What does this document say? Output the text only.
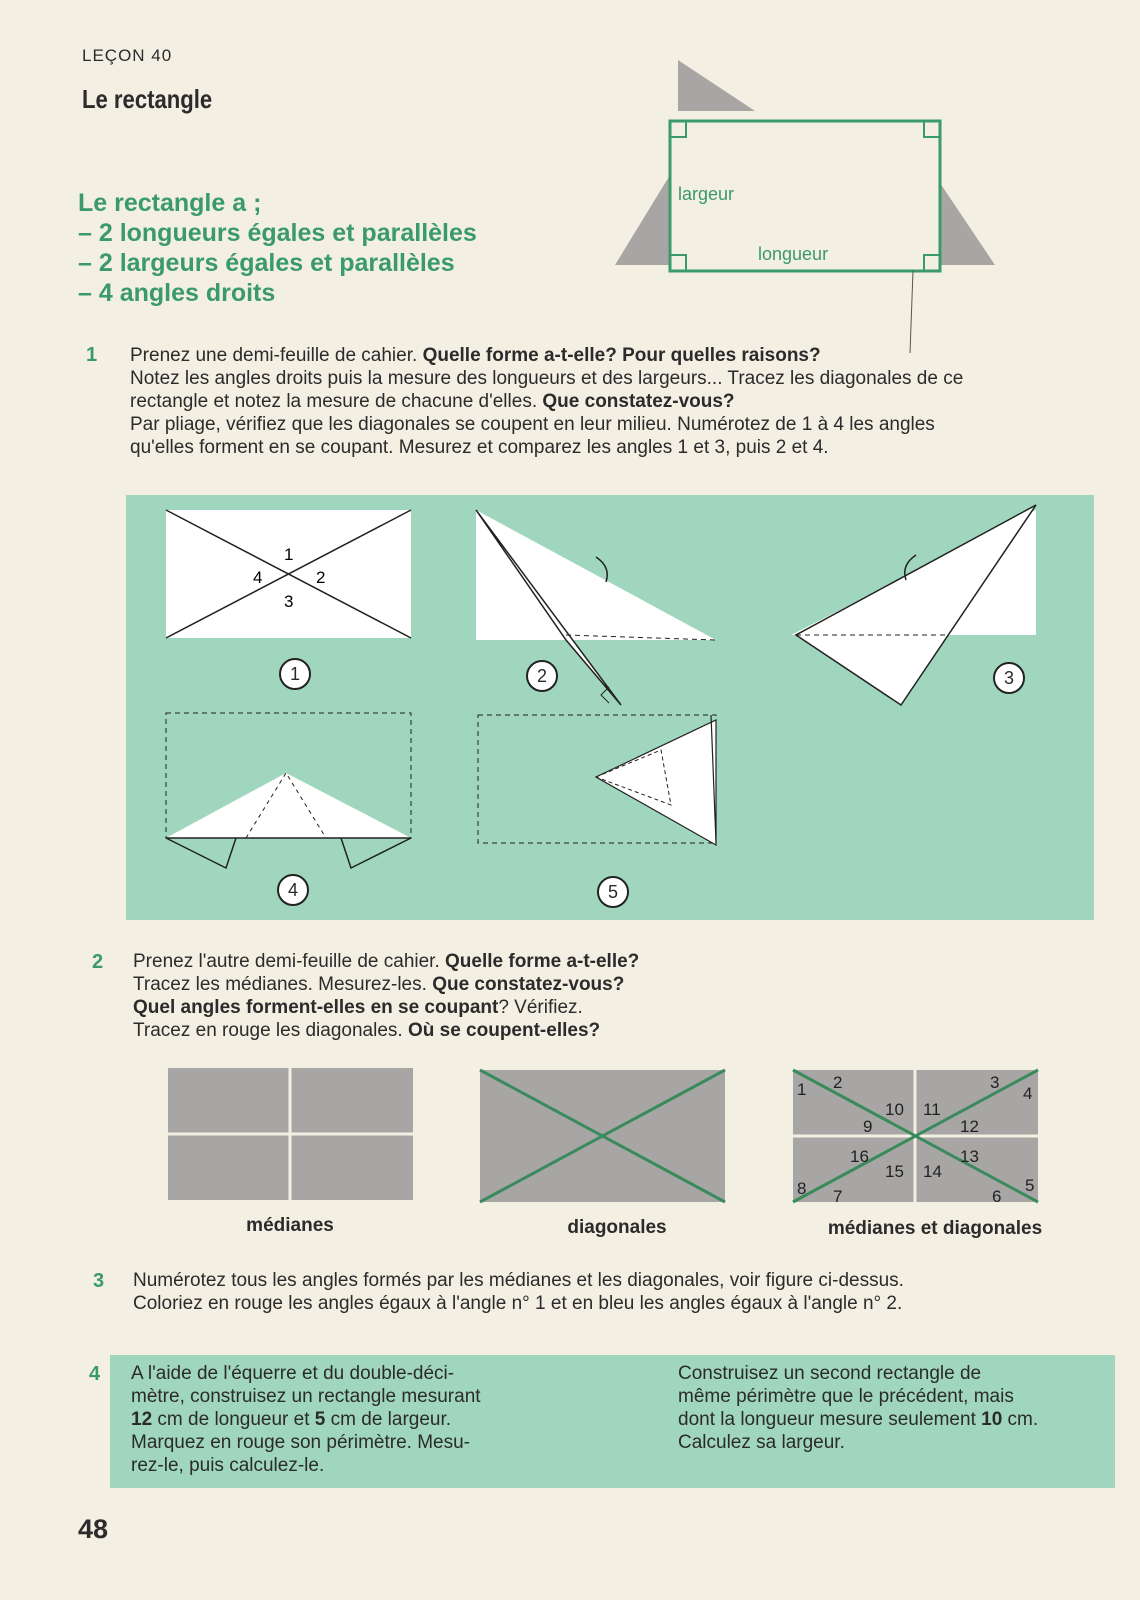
LEÇON 40
Le rectangle
Le rectangle a ;
– 2 longueurs égales et parallèles
– 2 largeurs égales et parallèles
– 4 angles droits
largeur
longueur
1 Prenez une demi-feuille de cahier. Quelle forme a-t-elle? Pour quelles raisons?
Notez les angles droits puis la mesure des longueurs et des largeurs... Tracez les diagonales de ce
rectangle et notez la mesure de chacune d'elles. Que constatez-vous?
Par pliage, vérifiez que les diagonales se coupent en leur milieu. Numérotez de 1 à 4 les angles
qu'elles forment en se coupant. Mesurez et comparez les angles 1 et 3, puis 2 et 4.
1
2
3
4
1	2	3
4	5
2 Prenez l'autre demi-feuille de cahier. Quelle forme a-t-elle?
Tracez les médianes. Mesurez-les. Que constatez-vous?
Quel angles forment-elles en se coupant? Vérifiez.
Tracez en rouge les diagonales. Où se coupent-elles?
1 2	3
4
5
6
7
8
9
10 11
12
13
14
15
16
médianes	diagonales	médianes et diagonales
3 Numérotez tous les angles formés par les médianes et les diagonales, voir figure ci-dessus.
Coloriez en rouge les angles égaux à l'angle n° 1 et en bleu les angles égaux à l'angle n° 2.
4 A l'aide de l'équerre et du double-déci-
mètre, construisez un rectangle mesurant
12 cm de longueur et 5 cm de largeur.
Marquez en rouge son périmètre. Mesu-
rez-le, puis calculez-le.
Construisez un second rectangle de
même périmètre que le précédent, mais
dont la longueur mesure seulement 10 cm.
Calculez sa largeur.
48
